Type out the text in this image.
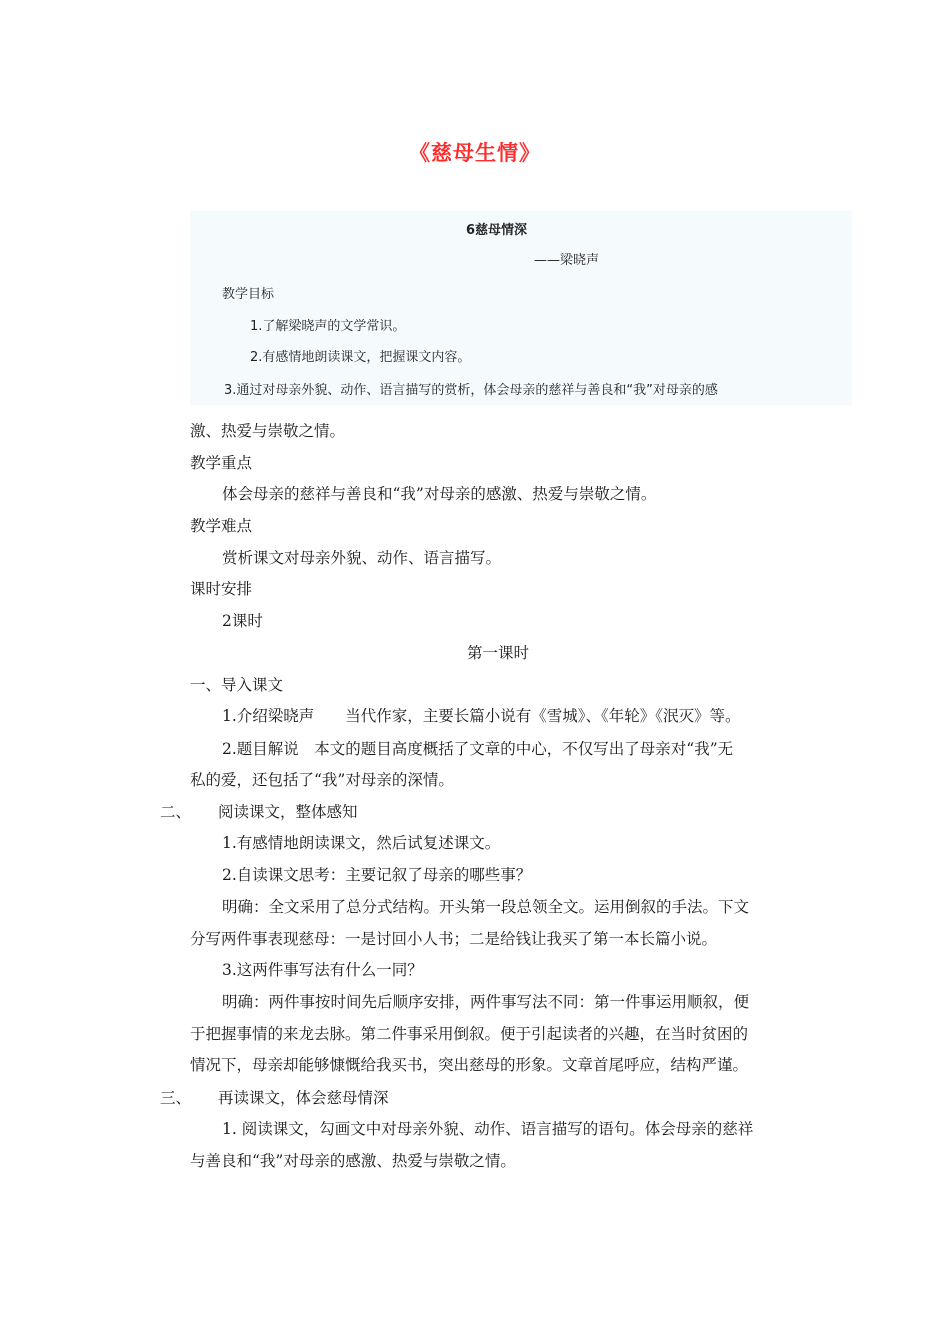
《慈母生情》
6慈母情深
——梁晓声
教学目标
1.了解梁晓声的文学常识。
2.有感情地朗读课文，把握课文内容。
3.通过对母亲外貌、动作、语言描写的赏析，体会母亲的慈祥与善良和“我”对母亲的感
激、热爱与崇敬之情。
教学重点
体会母亲的慈祥与善良和“我”对母亲的感激、热爱与崇敬之情。
教学难点
赏析课文对母亲外貌、动作、语言描写。
课时安排
2课时
第一课时
一、导入课文
1.介绍梁晓声　　当代作家，主要长篇小说有《雪城》、《年轮》《泯灭》等。
2.题目解说　本文的题目高度概括了文章的中心，不仅写出了母亲对“我”无
私的爱，还包括了“我”对母亲的深情。
二、 阅读课文，整体感知
1.有感情地朗读课文，然后试复述课文。
2.自读课文思考：主要记叙了母亲的哪些事？
明确：全文采用了总分式结构。开头第一段总领全文。运用倒叙的手法。下文
分写两件事表现慈母：一是讨回小人书；二是给钱让我买了第一本长篇小说。
3.这两件事写法有什么一同？
明确：两件事按时间先后顺序安排，两件事写法不同：第一件事运用顺叙，便
于把握事情的来龙去脉。第二件事采用倒叙。便于引起读者的兴趣，在当时贫困的
情况下，母亲却能够慷慨给我买书，突出慈母的形象。文章首尾呼应，结构严谨。
三、 再读课文，体会慈母情深
1. 阅读课文，勾画文中对母亲外貌、动作、语言描写的语句。体会母亲的慈祥
与善良和“我”对母亲的感激、热爱与崇敬之情。
